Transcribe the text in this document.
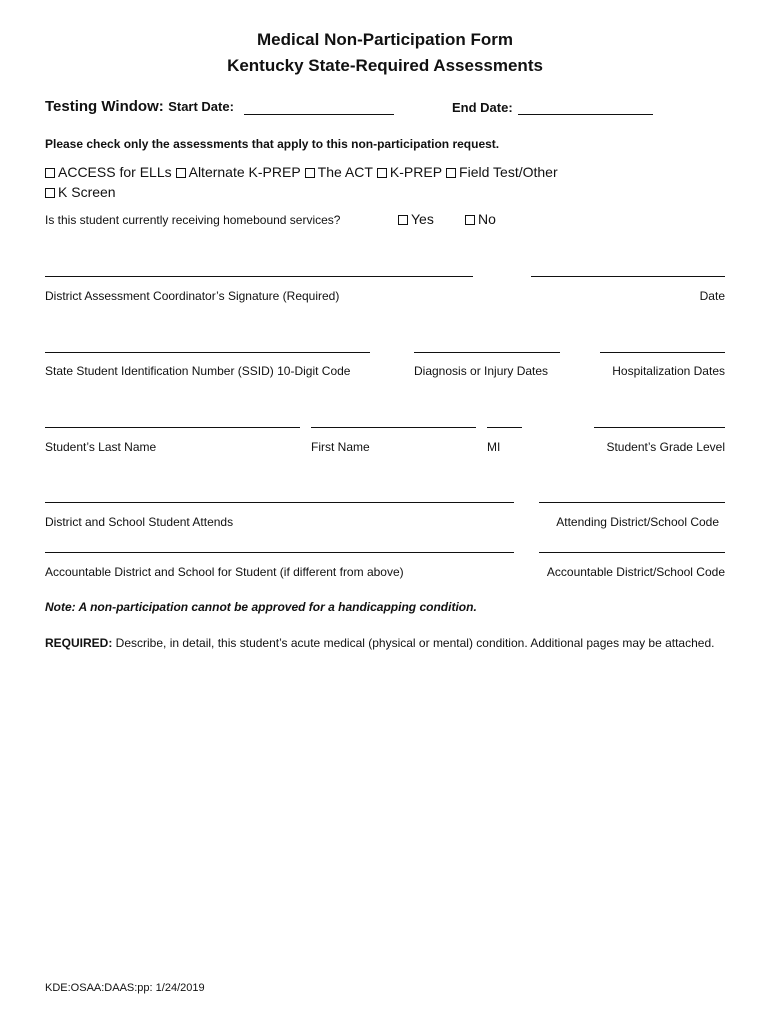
Medical Non-Participation Form
Kentucky State-Required Assessments
Testing Window: Start Date:	End Date:
Please check only the assessments that apply to this non-participation request.
ACCESS for ELLs Alternate K-PREP The ACT K-PREP Field Test/Other
K Screen
Is this student currently receiving homebound services?	Yes	No
District Assessment Coordinator’s Signature (Required)	Date
State Student Identification Number (SSID) 10-Digit Code	Diagnosis or Injury Dates	Hospitalization Dates
Student’s Last Name	First Name	MI	Student’s Grade Level
District and School Student Attends	Attending District/School Code
Accountable District and School for Student (if different from above)	Accountable District/School Code
Note: A non-participation cannot be approved for a handicapping condition.
REQUIRED: Describe, in detail, this student’s acute medical (physical or mental) condition. Additional pages may be attached.
KDE:OSAA:DAAS:pp: 1/24/2019
